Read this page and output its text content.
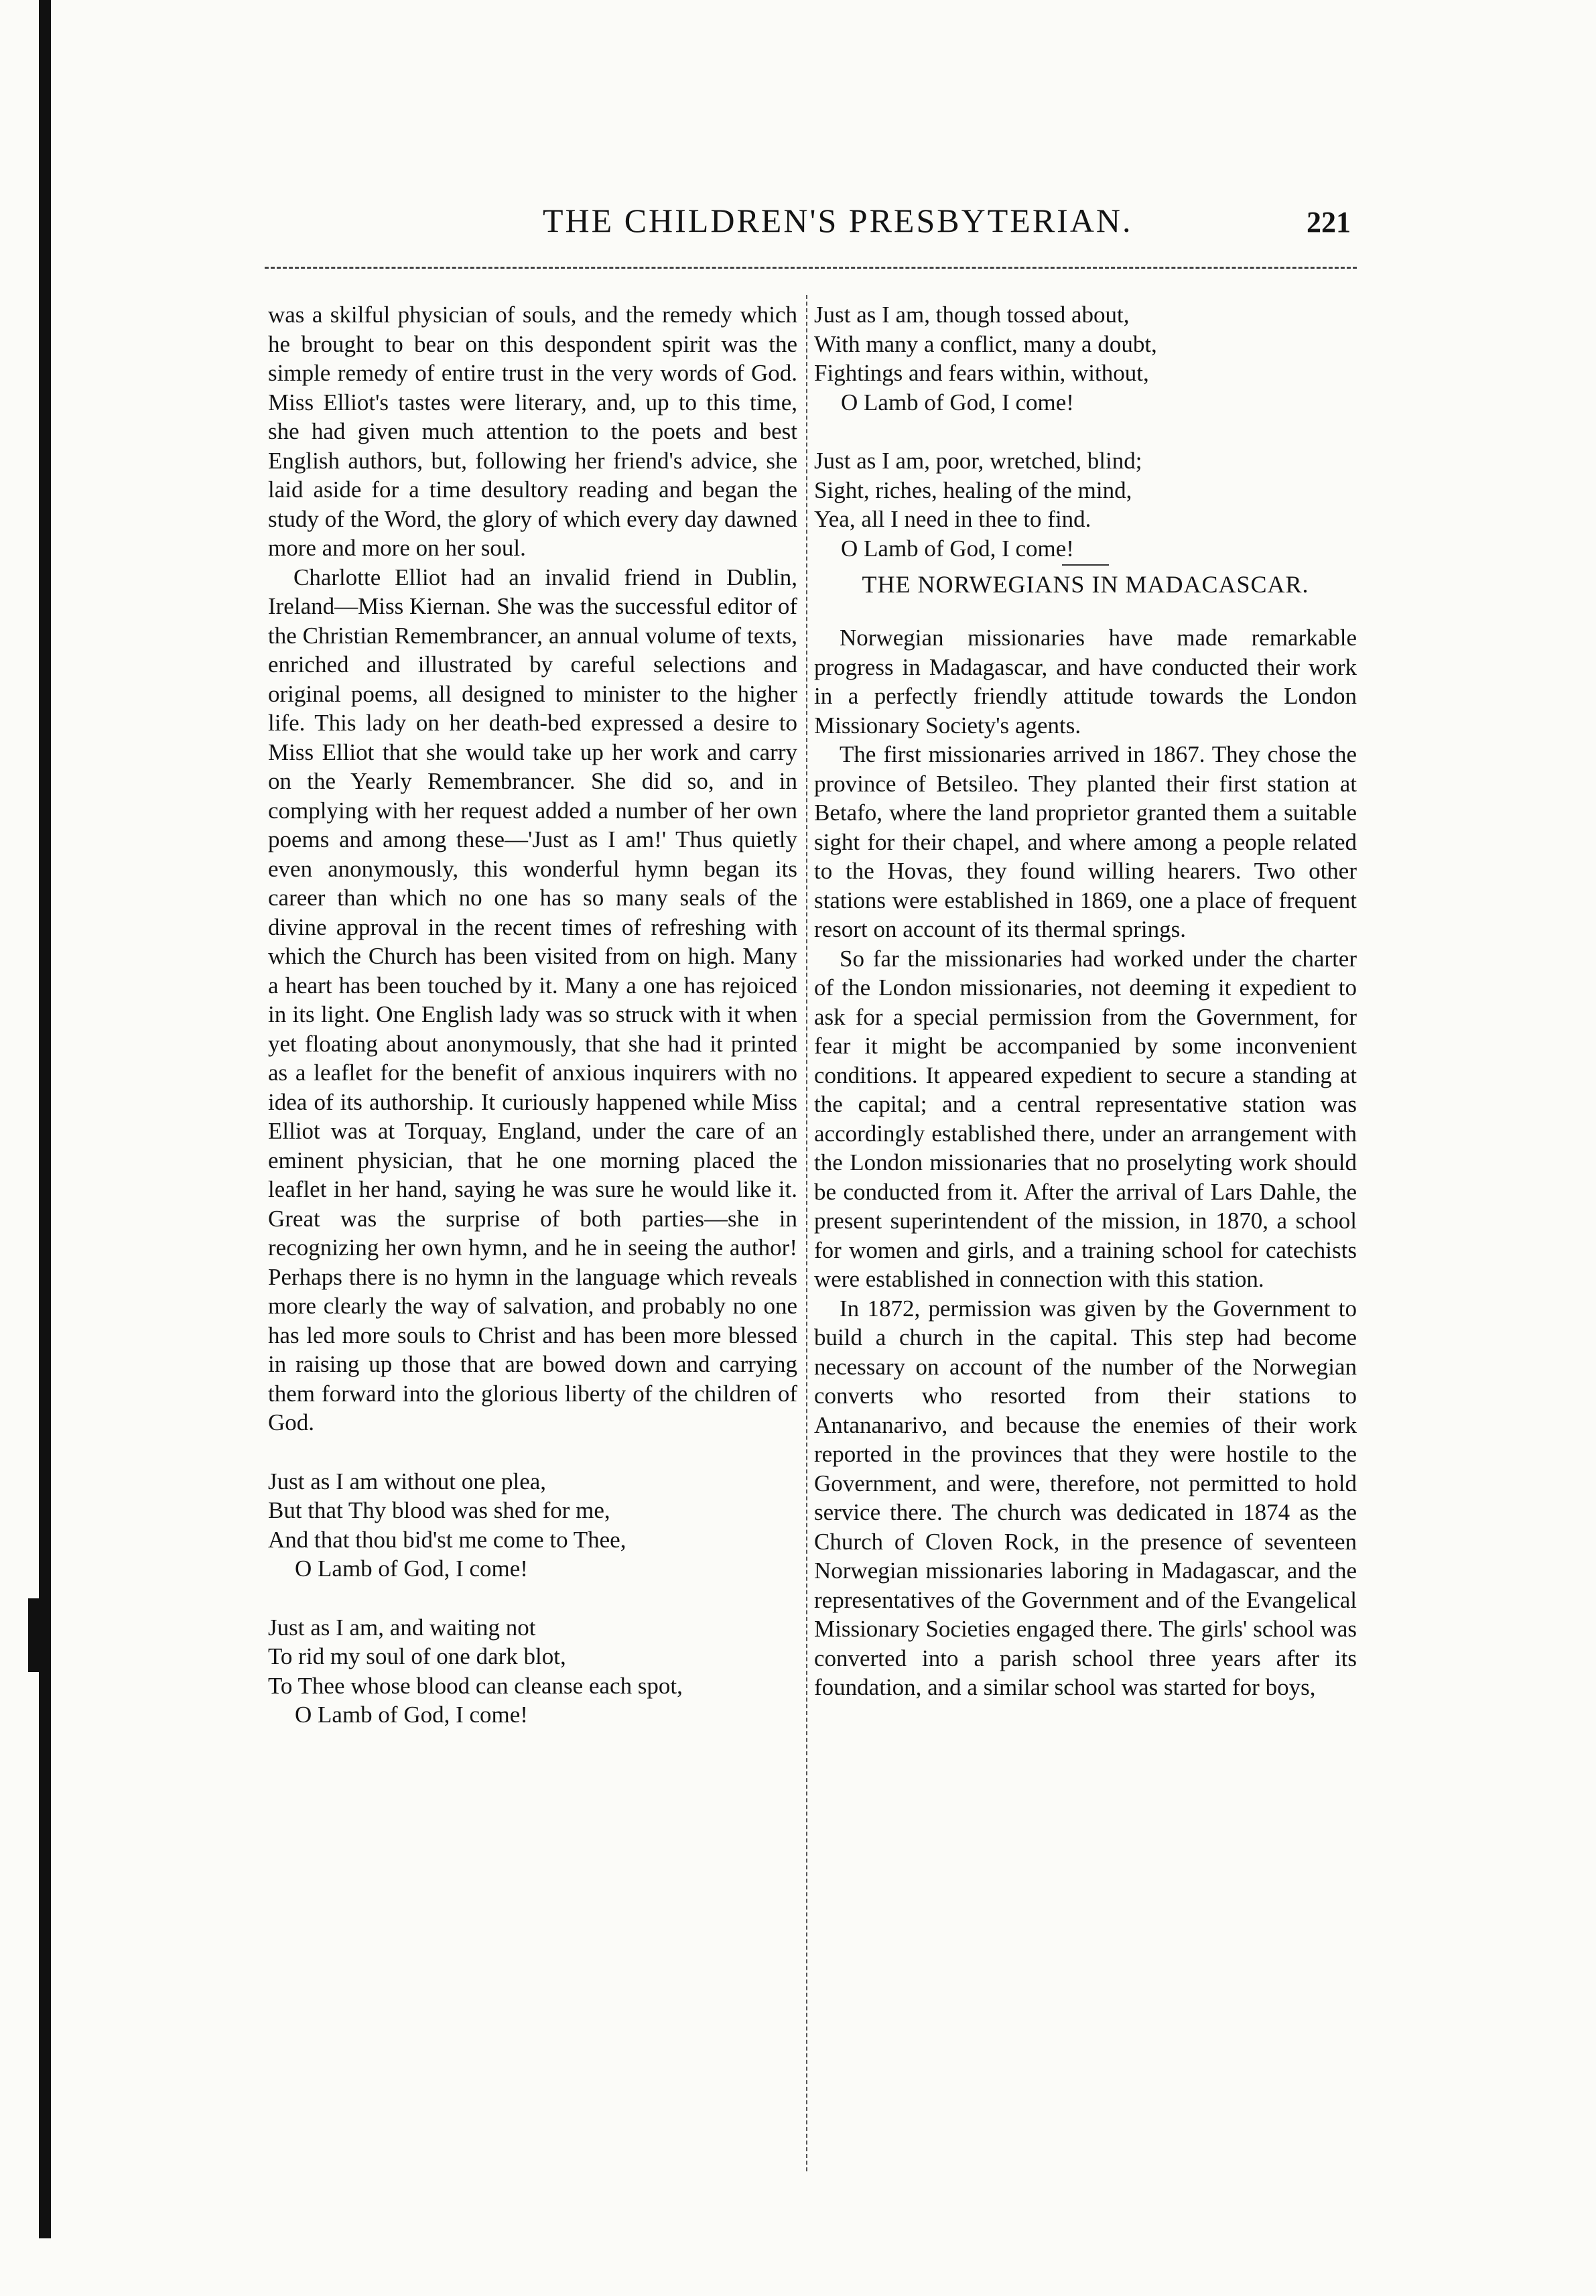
THE CHILDREN'S PRESBYTERIAN.	221

was a skilful physician of souls, and the remedy which he brought to bear on this despondent spirit was the simple remedy of entire trust in the very words of God. Miss Elliot's tastes were literary, and, up to this time, she had given much attention to the poets and best English authors, but, following her friend's advice, she laid aside for a time desultory reading and began the study of the Word, the glory of which every day dawned more and more on her soul.

Charlotte Elliot had an invalid friend in Dublin, Ireland—Miss Kiernan. She was the successful editor of the Christian Remembrancer, an annual volume of texts, enriched and illustrated by careful selections and original poems, all designed to minister to the higher life. This lady on her death-bed expressed a desire to Miss Elliot that she would take up her work and carry on the Yearly Remembrancer. She did so, and in complying with her request added a number of her own poems and among these—'Just as I am!' Thus quietly even anonymously, this wonderful hymn began its career than which no one has so many seals of the divine approval in the recent times of refreshing with which the Church has been visited from on high. Many a heart has been touched by it. Many a one has rejoiced in its light. One English lady was so struck with it when yet floating about anonymously, that she had it printed as a leaflet for the benefit of anxious inquirers with no idea of its authorship. It curiously happened while Miss Elliot was at Torquay, England, under the care of an eminent physician, that he one morning placed the leaflet in her hand, saying he was sure he would like it. Great was the surprise of both parties—she in recognizing her own hymn, and he in seeing the author! Perhaps there is no hymn in the language which reveals more clearly the way of salvation, and probably no one has led more souls to Christ and has been more blessed in raising up those that are bowed down and carrying them forward into the glorious liberty of the children of God.

Just as I am without one plea,
But that Thy blood was shed for me,
And that thou bid'st me come to Thee,
O Lamb of God, I come!
Just as I am, and waiting not
To rid my soul of one dark blot,
To Thee whose blood can cleanse each spot,
O Lamb of God, I come!
Just as I am, though tossed about,
With many a conflict, many a doubt,
Fightings and fears within, without,
O Lamb of God, I come!
Just as I am, poor, wretched, blind;
Sight, riches, healing of the mind,
Yea, all I need in thee to find.
O Lamb of God, I come!
THE NORWEGIANS IN MADACASCAR.

Norwegian missionaries have made remarkable progress in Madagascar, and have conducted their work in a perfectly friendly attitude towards the London Missionary Society's agents.

The first missionaries arrived in 1867. They chose the province of Betsileo. They planted their first station at Betafo, where the land proprietor granted them a suitable sight for their chapel, and where among a people related to the Hovas, they found willing hearers. Two other stations were established in 1869, one a place of frequent resort on account of its thermal springs.

So far the missionaries had worked under the charter of the London missionaries, not deeming it expedient to ask for a special permission from the Government, for fear it might be accompanied by some inconvenient conditions. It appeared expedient to secure a standing at the capital; and a central representative station was accordingly established there, under an arrangement with the London missionaries that no proselyting work should be conducted from it. After the arrival of Lars Dahle, the present superintendent of the mission, in 1870, a school for women and girls, and a training school for catechists were established in connection with this station.

In 1872, permission was given by the Government to build a church in the capital. This step had become necessary on account of the number of the Norwegian converts who resorted from their stations to Antananarivo, and because the enemies of their work reported in the provinces that they were hostile to the Government, and were, therefore, not permitted to hold service there. The church was dedicated in 1874 as the Church of Cloven Rock, in the presence of seventeen Norwegian missionaries laboring in Madagascar, and the representatives of the Government and of the Evangelical Missionary Societies engaged there. The girls' school was converted into a parish school three years after its foundation, and a similar school was started for boys,
